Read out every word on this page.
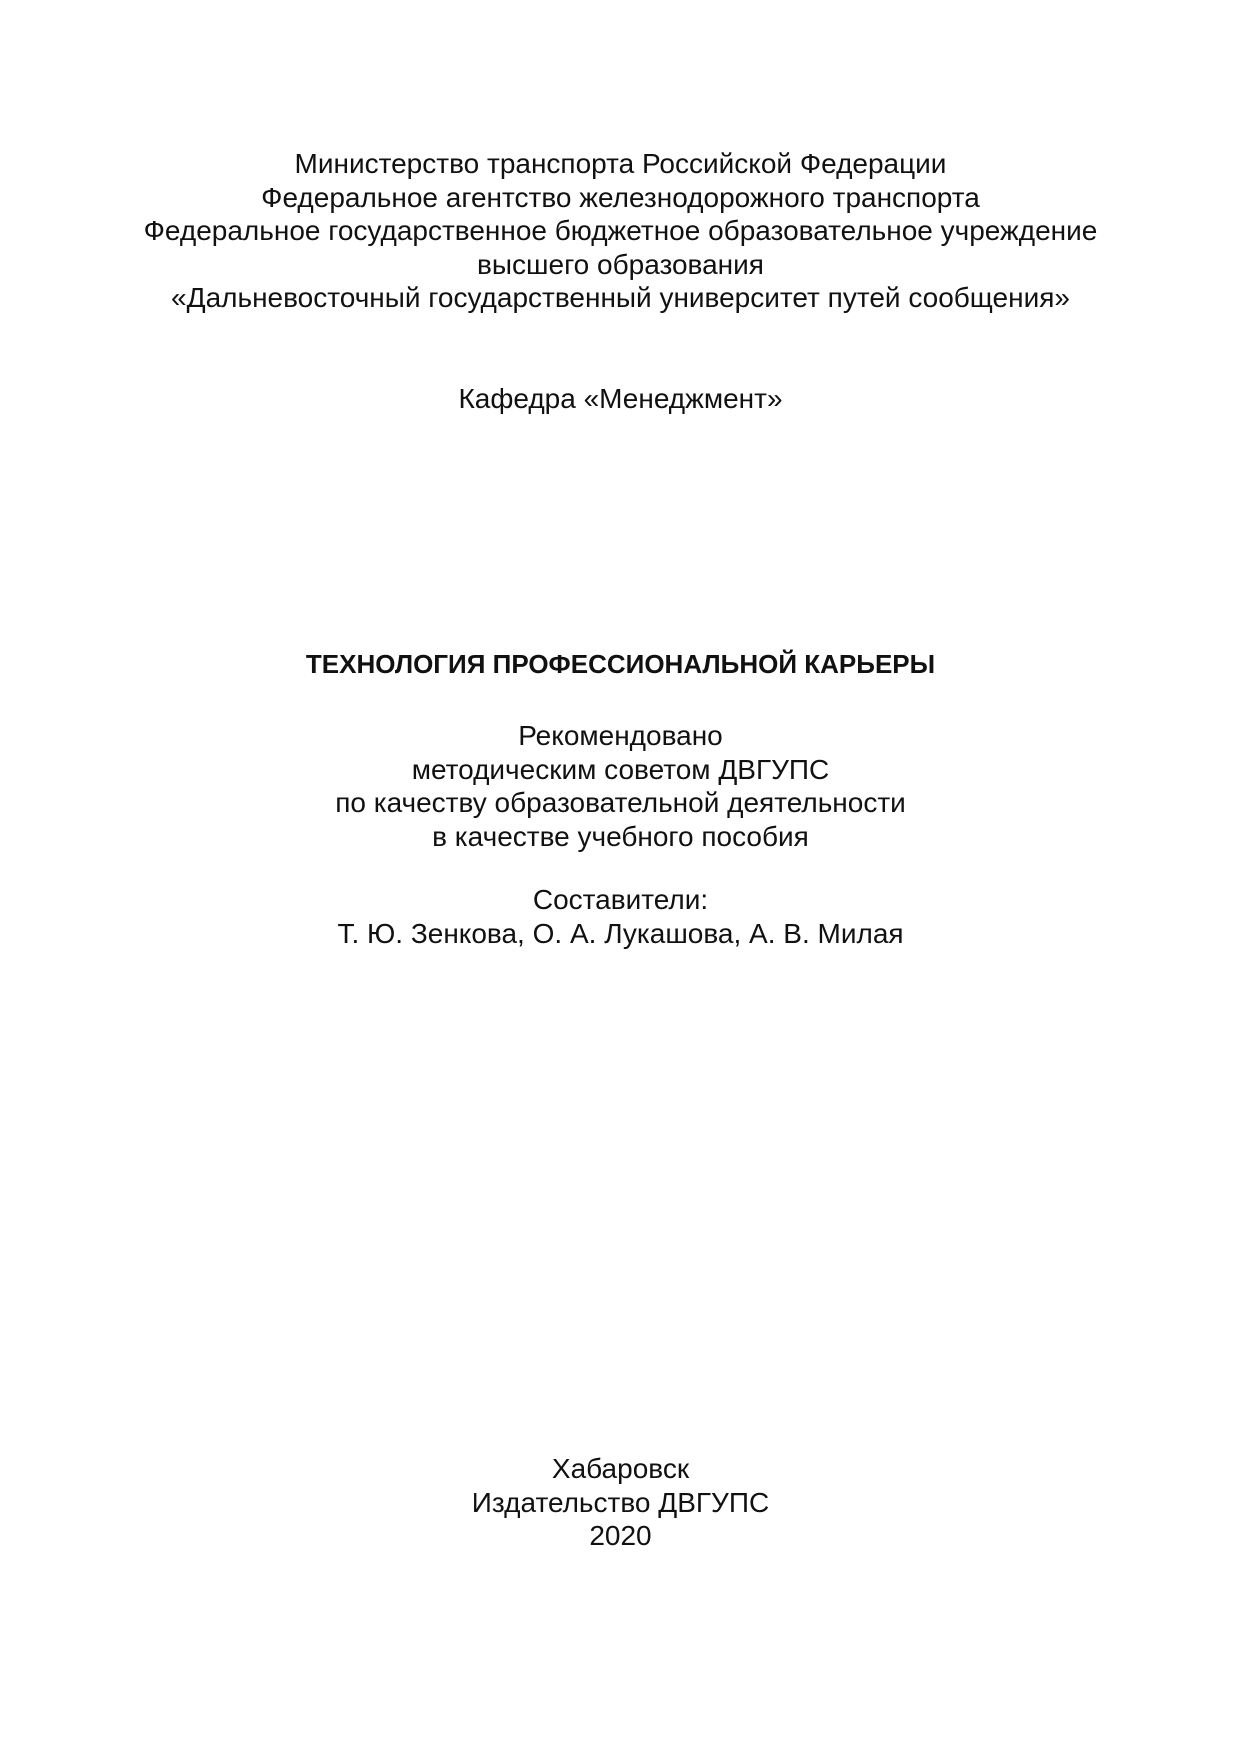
Министерство транспорта Российской Федерации
Федеральное агентство железнодорожного транспорта
Федеральное государственное бюджетное образовательное учреждение
высшего образования
«Дальневосточный государственный университет путей сообщения»
Кафедра «Менеджмент»
ТЕХНОЛОГИЯ ПРОФЕССИОНАЛЬНОЙ КАРЬЕРЫ
Рекомендовано
методическим советом ДВГУПС
по качеству образовательной деятельности
в качестве учебного пособия
Составители:
Т. Ю. Зенкова, О. А. Лукашова, А. В. Милая
Хабаровск
Издательство ДВГУПС
2020
